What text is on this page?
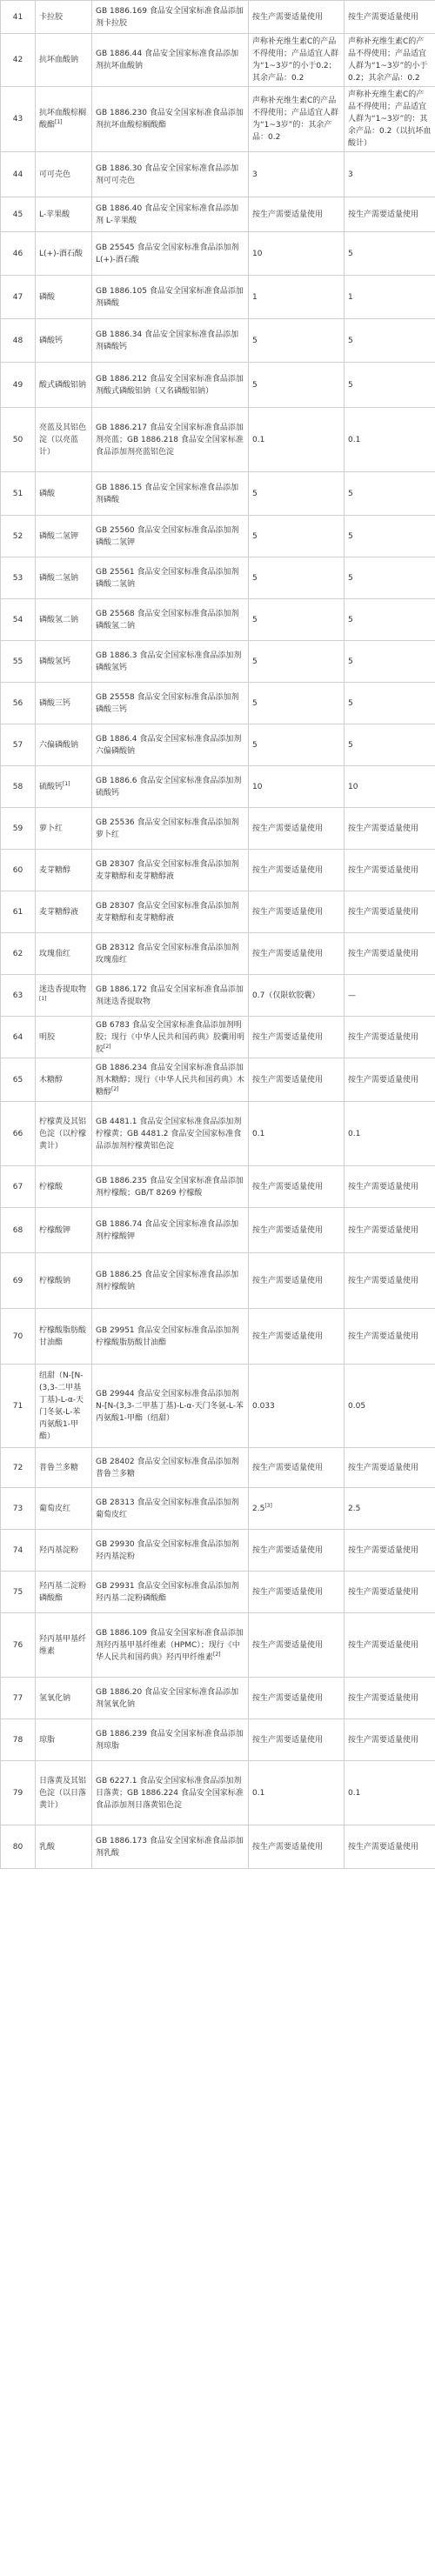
41	卡拉胶	GB 1886.169 食品安全国家标准食品添加剂卡拉胶	按生产需要适量使用	按生产需要适量使用
42	抗坏血酸钠	GB 1886.44 食品安全国家标准食品添加剂抗坏血酸钠	声称补充维生素C的产品不得使用；产品适宜人群为“1~3岁”的小于0.2；其余产品：0.2	声称补充维生素C的产品不得使用；产品适宜人群为“1~3岁”的小于0.2；其余产品：0.2
43	抗坏血酸棕榈酸酯[1]	GB 1886.230 食品安全国家标准食品添加剂抗坏血酸棕榈酸酯	声称补充维生素C的产品不得使用；产品适宜人群为“1~3岁”的：其余产品：0.2	声称补充维生素C的产品不得使用；产品适宜人群为“1~3岁”的：其余产品：0.2（以抗坏血酸计）
44	可可壳色	GB 1886.30 食品安全国家标准食品添加剂可可壳色	3	3
45	L-苹果酸	GB 1886.40 食品安全国家标准食品添加剂 L-苹果酸	按生产需要适量使用	按生产需要适量使用
46	L(+)-酒石酸	GB 25545 食品安全国家标准食品添加剂 L(+)-酒石酸	10	5
47	磷酸	GB 1886.105 食品安全国家标准食品添加剂磷酸	1	1
48	磷酸钙	GB 1886.34 食品安全国家标准食品添加剂磷酸钙	5	5
49	酸式磷酸铝钠	GB 1886.212 食品安全国家标准食品添加剂酸式磷酸铝钠（又名磷酸铝钠）	5	5
50	亮蓝及其铝色淀（以亮蓝计）	GB 1886.217 食品安全国家标准食品添加剂亮蓝；GB 1886.218 食品安全国家标准食品添加剂亮蓝铝色淀	0.1	0.1
51	磷酸	GB 1886.15 食品安全国家标准食品添加剂磷酸	5	5
52	磷酸二氢钾	GB 25560 食品安全国家标准食品添加剂磷酸二氢钾	5	5
53	磷酸二氢钠	GB 25561 食品安全国家标准食品添加剂磷酸二氢钠	5	5
54	磷酸氢二钠	GB 25568 食品安全国家标准食品添加剂磷酸氢二钠	5	5
55	磷酸氢钙	GB 1886.3 食品安全国家标准食品添加剂磷酸氢钙	5	5
56	磷酸三钙	GB 25558 食品安全国家标准食品添加剂磷酸三钙	5	5
57	六偏磷酸钠	GB 1886.4 食品安全国家标准食品添加剂六偏磷酸钠	5	5
58	硫酸钙[1]	GB 1886.6 食品安全国家标准食品添加剂硫酸钙	10	10
59	萝卜红	GB 25536 食品安全国家标准食品添加剂萝卜红	按生产需要适量使用	按生产需要适量使用
60	麦芽糖醇	GB 28307 食品安全国家标准食品添加剂麦芽糖醇和麦芽糖醇液	按生产需要适量使用	按生产需要适量使用
61	麦芽糖醇液	GB 28307 食品安全国家标准食品添加剂麦芽糖醇和麦芽糖醇液	按生产需要适量使用	按生产需要适量使用
62	玫瑰茄红	GB 28312 食品安全国家标准食品添加剂玫瑰茄红	按生产需要适量使用	按生产需要适量使用
63	迷迭香提取物[1]	GB 1886.172 食品安全国家标准食品添加剂迷迭香提取物	0.7（仅限软胶囊）	—
64	明胶	GB 6783 食品安全国家标准食品添加剂明胶；现行《中华人民共和国药典》胶囊用明胶[2]	按生产需要适量使用	按生产需要适量使用
65	木糖醇	GB 1886.234 食品安全国家标准食品添加剂木糖醇；现行《中华人民共和国药典》木糖醇[2]	按生产需要适量使用	按生产需要适量使用
66	柠檬黄及其铝色淀（以柠檬黄计）	GB 4481.1 食品安全国家标准食品添加剂柠檬黄；GB 4481.2 食品安全国家标准食品添加剂柠檬黄铝色淀	0.1	0.1
67	柠檬酸	GB 1886.235 食品安全国家标准食品添加剂柠檬酸；GB/T 8269 柠檬酸	按生产需要适量使用	按生产需要适量使用
68	柠檬酸钾	GB 1886.74 食品安全国家标准食品添加剂柠檬酸钾	按生产需要适量使用	按生产需要适量使用
69	柠檬酸钠	GB 1886.25 食品安全国家标准食品添加剂柠檬酸钠	按生产需要适量使用	按生产需要适量使用
70	柠檬酸脂肪酸甘油酯	GB 29951 食品安全国家标准食品添加剂柠檬酸脂肪酸甘油酯	按生产需要适量使用	按生产需要适量使用
71	纽甜（N-[N-(3,3-二甲基丁基)-L-α-天门冬氨-L-苯丙氨酸1-甲酯）	GB 29944 食品安全国家标准食品添加剂 N-[N-(3,3-二甲基丁基)-L-α-天门冬氨-L-苯丙氨酸1-甲酯（纽甜）	0.033	0.05
72	普鲁兰多糖	GB 28402 食品安全国家标准食品添加剂普鲁兰多糖	按生产需要适量使用	按生产需要适量使用
73	葡萄皮红	GB 28313 食品安全国家标准食品添加剂葡萄皮红	2.5[3]	2.5
74	羟丙基淀粉	GB 29930 食品安全国家标准食品添加剂羟丙基淀粉	按生产需要适量使用	按生产需要适量使用
75	羟丙基二淀粉磷酸酯	GB 29931 食品安全国家标准食品添加剂羟丙基二淀粉磷酸酯	按生产需要适量使用	按生产需要适量使用
76	羟丙基甲基纤维素	GB 1886.109 食品安全国家标准食品添加剂羟丙基甲基纤维素（HPMC）；现行《中华人民共和国药典》羟丙甲纤维素[2]	按生产需要适量使用	按生产需要适量使用
77	氢氧化钠	GB 1886.20 食品安全国家标准食品添加剂氢氧化钠	按生产需要适量使用	按生产需要适量使用
78	琼脂	GB 1886.239 食品安全国家标准食品添加剂琼脂	按生产需要适量使用	按生产需要适量使用
79	日落黄及其铝色淀（以日落黄计）	GB 6227.1 食品安全国家标准食品添加剂日落黄；GB 1886.224 食品安全国家标准食品添加剂日落黄铝色淀	0.1	0.1
80	乳酸	GB 1886.173 食品安全国家标准食品添加剂乳酸	按生产需要适量使用	按生产需要适量使用
